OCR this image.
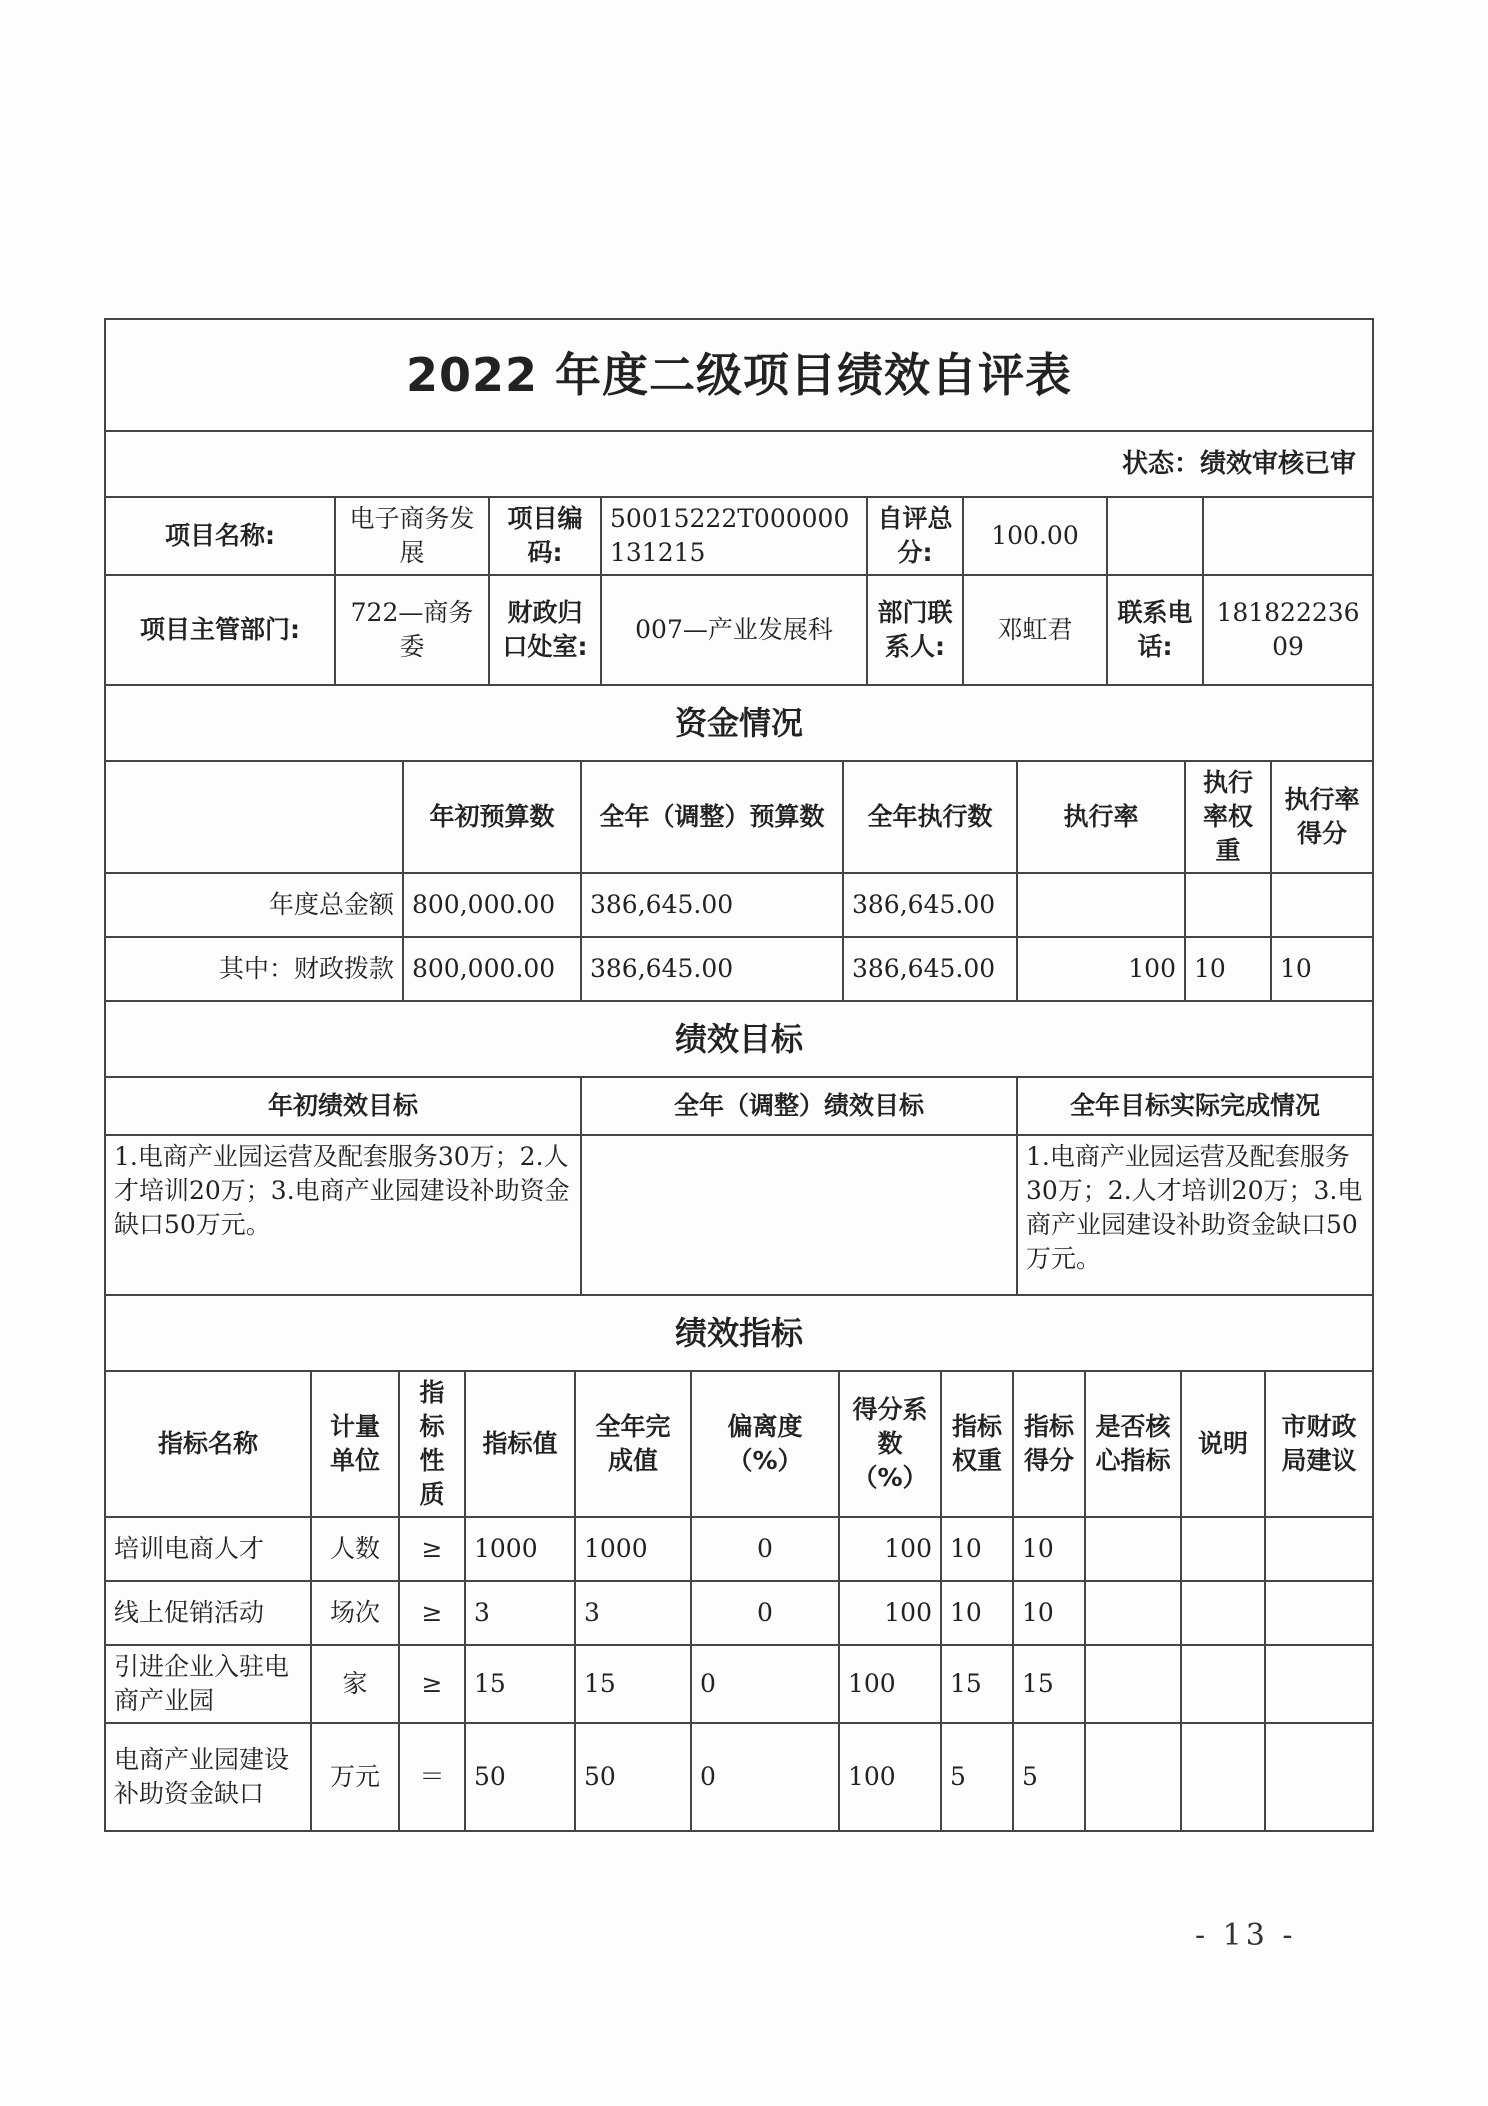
2022 年度二级项目绩效自评表							
状态：绩效审核已审							
项目名称:	电子商务发展	项目编码:	50015222T000000131215	自评总分:	100.00		
项目主管部门:	722—商务委	财政归口处室:	007—产业发展科	部门联系人:	邓虹君	联系电话:	18182223609
资金情况							
	年初预算数	全年（调整）预算数	全年执行数	执行率	执行率权重	执行率得分
年度总金额	800,000.00	386,645.00	386,645.00			
其中：财政拨款	800,000.00	386,645.00	386,645.00	100	10	10
绩效目标						
年初绩效目标	全年（调整）绩效目标	全年目标实际完成情况
1.电商产业园运营及配套服务30万；2.人才培训20万；3.电商产业园建设补助资金缺口50万元。		1.电商产业园运营及配套服务30万；2.人才培训20万；3.电商产业园建设补助资金缺口50万元。
绩效指标		
指标名称	计量单位	指标性质	指标值	全年完成值	偏离度（%）	得分系数（%）	指标权重	指标得分	是否核心指标	说明	市财政局建议
培训电商人才	人数	≥	1000	1000	0	100	10	10			
线上促销活动	场次	≥	3	3	0	100	10	10			
引进企业入驻电商产业园	家	≥	15	15	0	100	15	15			
电商产业园建设补助资金缺口	万元	＝	50	50	0	100	5	5			
- 13 -
